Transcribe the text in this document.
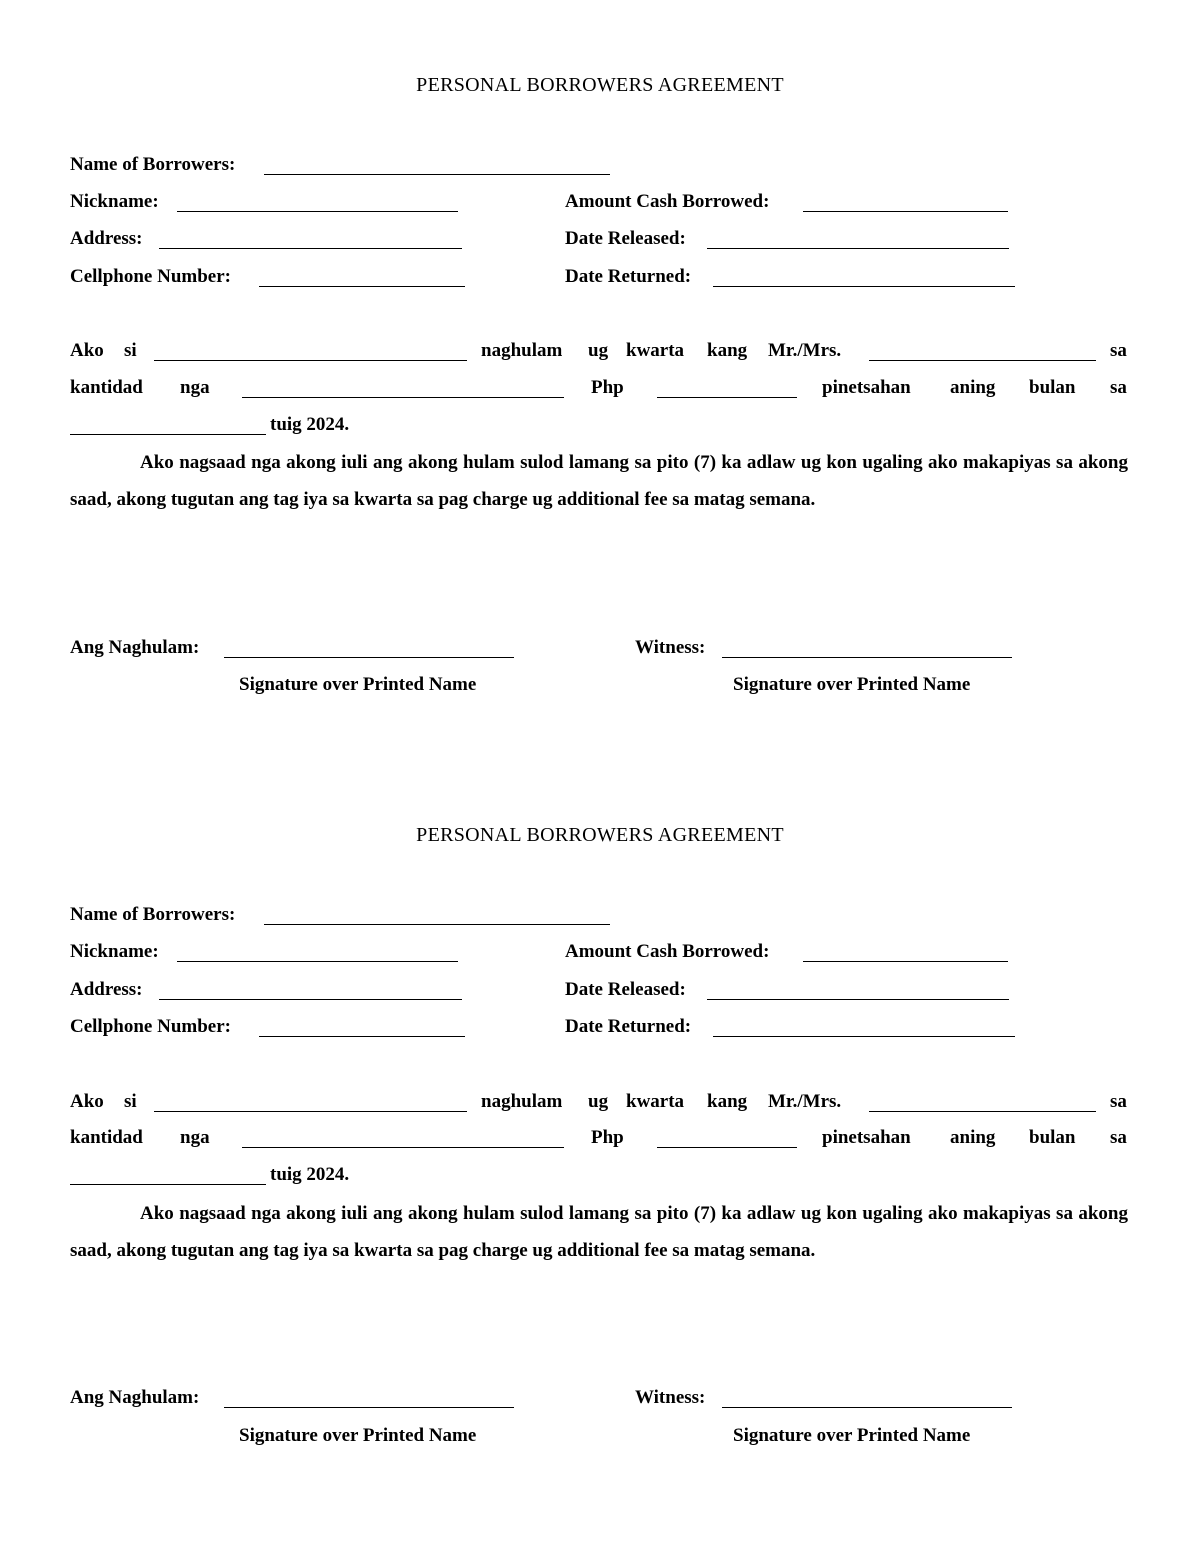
PERSONAL BORROWERS AGREEMENT
Name of Borrowers:
Nickname:	Amount Cash Borrowed:
Address:	Date Released:
Cellphone Number:	Date Returned:
Ako si	naghulam ug kwarta kang Mr./Mrs.	sa
kantidad nga	Php	pinetsahan aning bulan sa
tuig 2024.
Ako nagsaad nga akong iuli ang akong hulam sulod lamang sa pito (7) ka adlaw ug kon ugaling ako makapiyas sa akong saad, akong tugutan ang tag iya sa kwarta sa pag charge ug additional fee sa matag semana.
Ang Naghulam:	Witness:
Signature over Printed Name	Signature over Printed Name
PERSONAL BORROWERS AGREEMENT
Name of Borrowers:
Nickname:	Amount Cash Borrowed:
Address:	Date Released:
Cellphone Number:	Date Returned:
Ako si	naghulam ug kwarta kang Mr./Mrs.	sa
kantidad nga	Php	pinetsahan aning bulan sa
tuig 2024.
Ako nagsaad nga akong iuli ang akong hulam sulod lamang sa pito (7) ka adlaw ug kon ugaling ako makapiyas sa akong saad, akong tugutan ang tag iya sa kwarta sa pag charge ug additional fee sa matag semana.
Ang Naghulam:	Witness:
Signature over Printed Name	Signature over Printed Name
